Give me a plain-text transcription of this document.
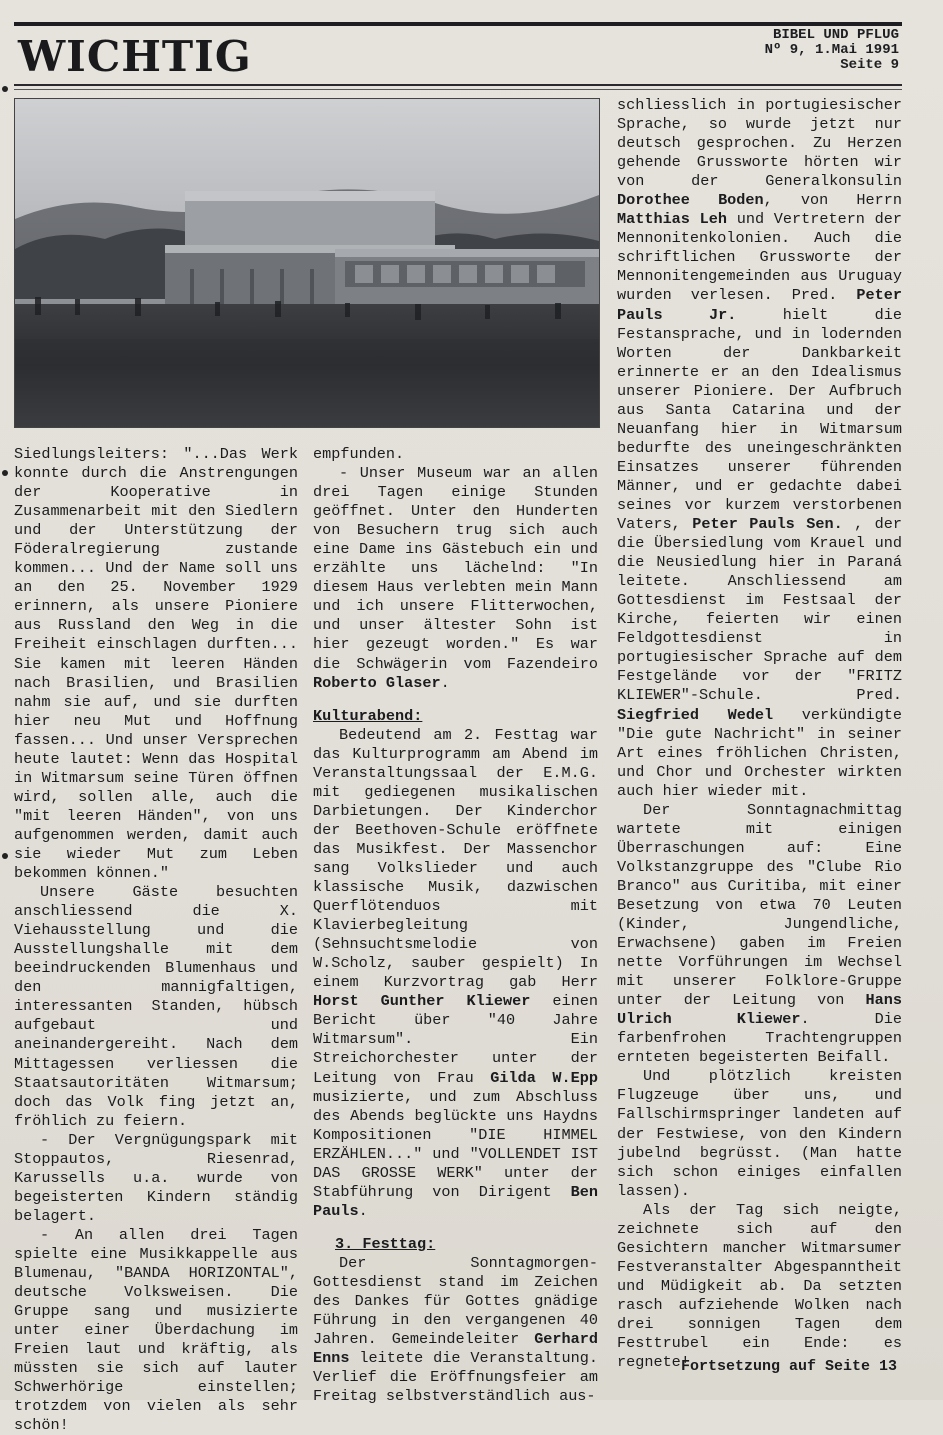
WICHTIG	BIBEL UND PFLUG
Nº 9, 1.Mai 1991
Seite 9

Siedlungsleiters: "...Das Werk konnte durch die Anstrengungen der Kooperative in Zusammenarbeit mit den Siedlern und der Unterstützung der Föderalregierung zustande kommen... Und der Name soll uns an den 25. November 1929 erinnern, als unsere Pioniere aus Russland den Weg in die Freiheit einschlagen durften... Sie kamen mit leeren Händen nach Brasilien, und Brasilien nahm sie auf, und sie durften hier neu Mut und Hoffnung fassen... Und unser Versprechen heute lautet: Wenn das Hospital in Witmarsum seine Türen öffnen wird, sollen alle, auch die "mit leeren Händen", von uns aufgenommen werden, damit auch sie wieder Mut zum Leben bekommen können."

Unsere Gäste besuchten anschliessend die X. Viehausstellung und die Ausstellungshalle mit dem beeindruckenden Blumenhaus und den mannigfaltigen, interessanten Standen, hübsch aufgebaut und aneinandergereiht. Nach dem Mittagessen verliessen die Staatsautoritäten Witmarsum; doch das Volk fing jetzt an, fröhlich zu feiern.

- Der Vergnügungspark mit Stoppautos, Riesenrad, Karussells u.a. wurde von begeisterten Kindern ständig belagert.

- An allen drei Tagen spielte eine Musikkappelle aus Blumenau, "BANDA HORIZONTAL", deutsche Volksweisen. Die Gruppe sang und musizierte unter einer Überdachung im Freien laut und kräftig, als müssten sie sich auf lauter Schwerhörige einstellen; trotzdem von vielen als sehr schön!

empfunden.

- Unser Museum war an allen drei Tagen einige Stunden geöffnet. Unter den Hunderten von Besuchern trug sich auch eine Dame ins Gästebuch ein und erzählte uns lächelnd: "In diesem Haus verlebten mein Mann und ich unsere Flitterwochen, und unser ältester Sohn ist hier gezeugt worden." Es war die Schwägerin vom Fazendeiro Roberto Glaser.

Kulturabend:

Bedeutend am 2. Festtag war das Kulturprogramm am Abend im Veranstaltungssaal der E.M.G. mit gediegenen musikalischen Darbietungen. Der Kinderchor der Beethoven-Schule eröffnete das Musikfest. Der Massenchor sang Volkslieder und auch klassische Musik, dazwischen Querflötenduos mit Klavierbegleitung (Sehnsuchtsmelodie von W.Scholz, sauber gespielt) In einem Kurzvortrag gab Herr Horst Gunther Kliewer einen Bericht über "40 Jahre Witmarsum". Ein Streichorchester unter der Leitung von Frau Gilda W.Epp musizierte, und zum Abschluss des Abends beglückte uns Haydns Kompositionen "DIE HIMMEL ERZÄHLEN..." und "VOLLENDET IST DAS GROSSE WERK" unter der Stabführung von Dirigent Ben Pauls.

3. Festtag:

Der Sonntagmorgen-Gottesdienst stand im Zeichen des Dankes für Gottes gnädige Führung in den vergangenen 40 Jahren. Gemeindeleiter Gerhard Enns leitete die Veranstaltung. Verlief die Eröffnungsfeier am Freitag selbstverständlich aus-

schliesslich in portugiesischer Sprache, so wurde jetzt nur deutsch gesprochen. Zu Herzen gehende Grussworte hörten wir von der Generalkonsulin Dorothee Boden, von Herrn Matthias Leh und Vertretern der Mennonitenkolonien. Auch die schriftlichen Grussworte der Mennonitengemeinden aus Uruguay wurden verlesen. Pred. Peter Pauls Jr. hielt die Festansprache, und in lodernden Worten der Dankbarkeit erinnerte er an den Idealismus unserer Pioniere. Der Aufbruch aus Santa Catarina und der Neuanfang hier in Witmarsum bedurfte des uneingeschränkten Einsatzes unserer führenden Männer, und er gedachte dabei seines vor kurzem verstorbenen Vaters, Peter Pauls Sen. , der die Übersiedlung vom Krauel und die Neusiedlung hier in Paraná leitete. Anschliessend am Gottesdienst im Festsaal der Kirche, feierten wir einen Feldgottesdienst in portugiesischer Sprache auf dem Festgelände vor der "FRITZ KLIEWER"-Schule. Pred. Siegfried Wedel verkündigte "Die gute Nachricht" in seiner Art eines fröhlichen Christen, und Chor und Orchester wirkten auch hier wieder mit.

Der Sonntagnachmittag wartete mit einigen Überraschungen auf: Eine Volkstanzgruppe des "Clube Rio Branco" aus Curitiba, mit einer Besetzung von etwa 70 Leuten (Kinder, Jungendliche, Erwachsene) gaben im Freien nette Vorführungen im Wechsel mit unserer Folklore-Gruppe unter der Leitung von Hans Ulrich Kliewer. Die farbenfrohen Trachtengruppen ernteten begeisterten Beifall.

Und plötzlich kreisten Flugzeuge über uns, und Fallschirmspringer landeten auf der Festwiese, von den Kindern jubelnd begrüsst. (Man hatte sich schon einiges einfallen lassen).

Als der Tag sich neigte, zeichnete sich auf den Gesichtern mancher Witmarsumer Festveranstalter Abgespanntheit und Müdigkeit ab. Da setzten rasch aufziehende Wolken nach drei sonnigen Tagen dem Festtrubel ein Ende: es regnete!

Fortsetzung auf Seite 13
